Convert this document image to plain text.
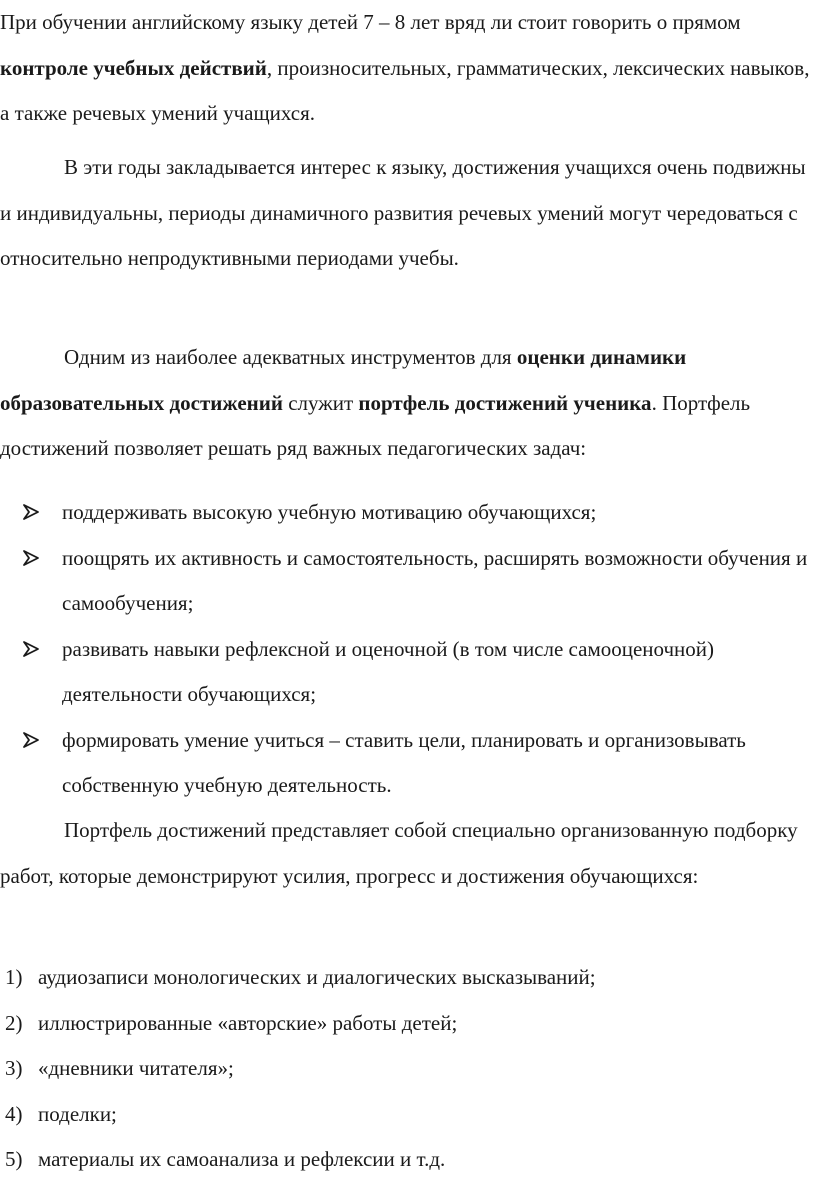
При обучении английскому языку детей 7 – 8 лет вряд ли стоит говорить о прямом контроле учебных действий, произносительных, грамматических, лексических навыков, а также речевых умений учащихся.

В эти годы закладывается интерес к языку, достижения учащихся очень подвижны и индивидуальны, периоды динамичного развития речевых умений могут чередоваться с относительно непродуктивными периодами учебы.

Одним из наиболее адекватных инструментов для оценки динамики образовательных достижений служит портфель достижений ученика. Портфель достижений позволяет решать ряд важных педагогических задач:

поддерживать высокую учебную мотивацию обучающихся;
поощрять их активность и самостоятельность, расширять возможности обучения и самообучения;
развивать навыки рефлексной и оценочной (в том числе самооценочной) деятельности обучающихся;
формировать умение учиться – ставить цели, планировать и организовывать собственную учебную деятельность.

Портфель достижений представляет собой специально организованную подборку работ, которые демонстрируют усилия, прогресс и достижения обучающихся:

1) аудиозаписи монологических и диалогических высказываний;
2) иллюстрированные «авторские» работы детей;
3) «дневники читателя»;
4) поделки;
5) материалы их самоанализа и рефлексии и т.д.
